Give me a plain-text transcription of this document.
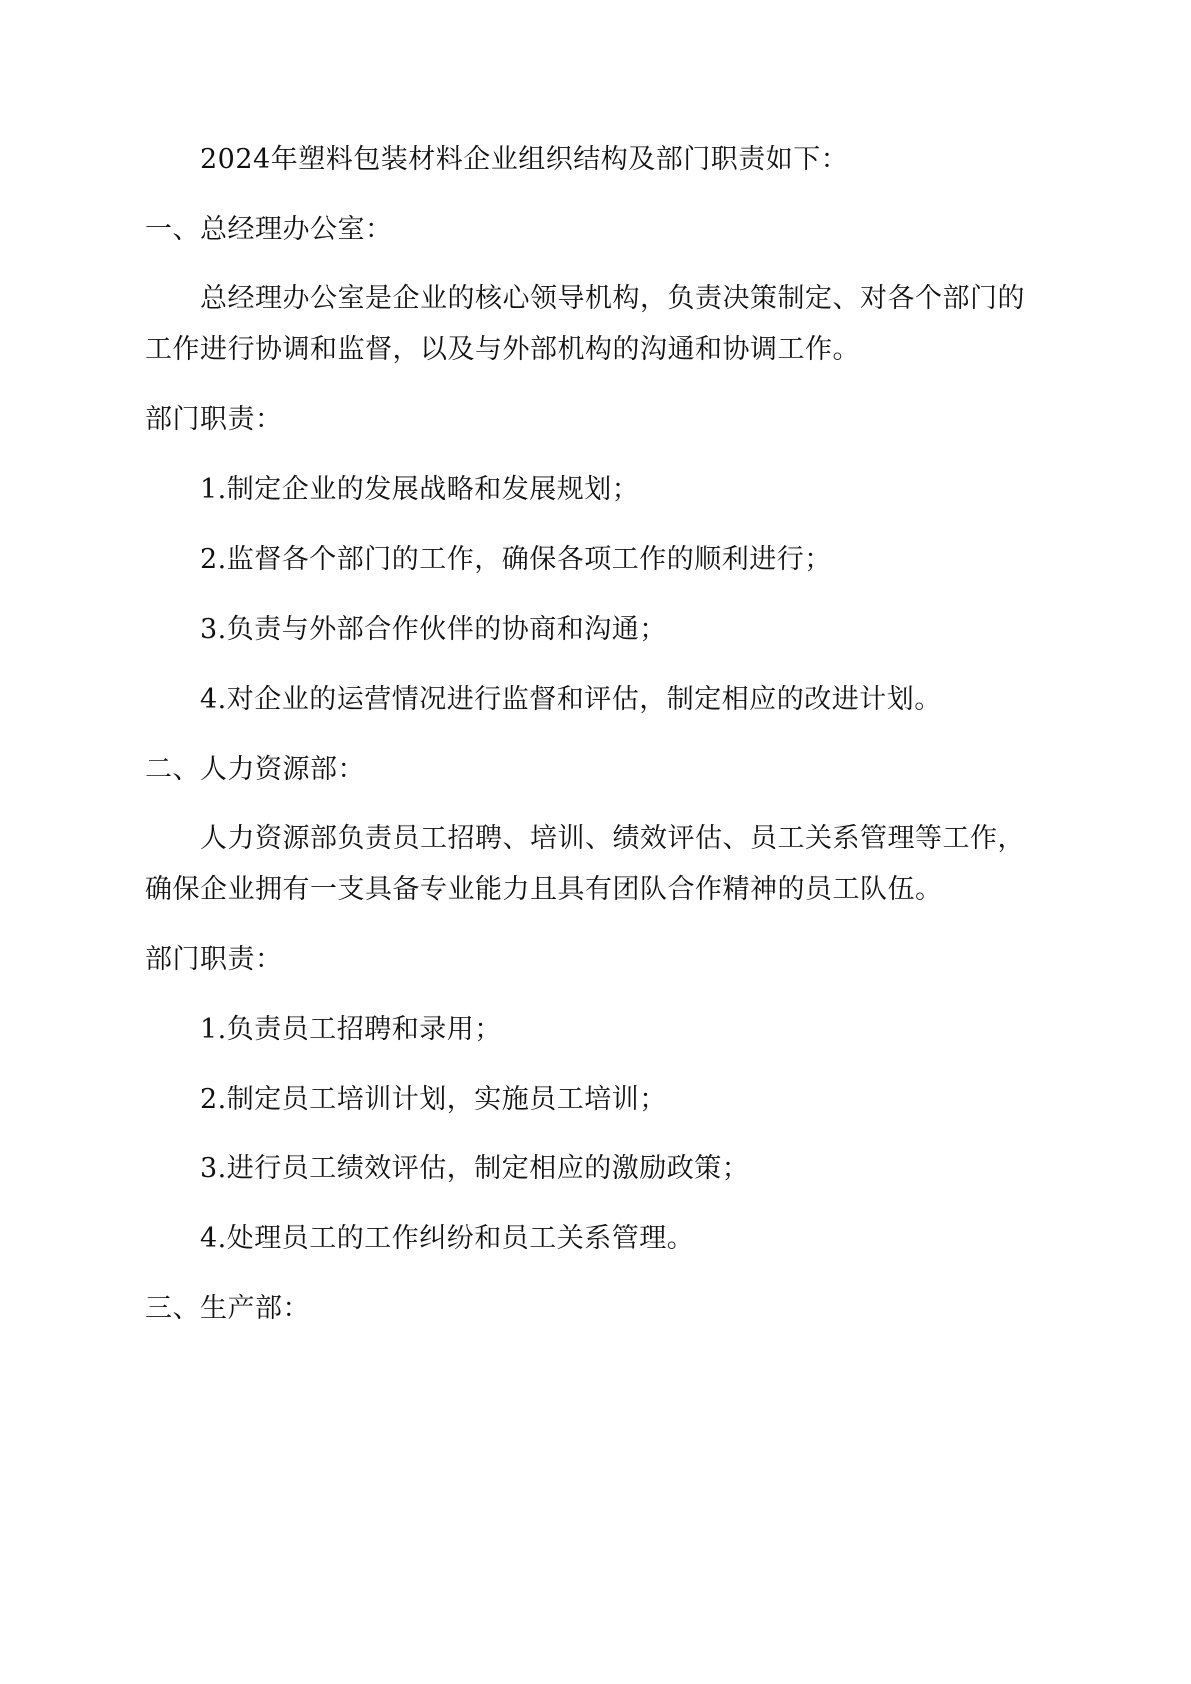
2024年塑料包装材料企业组织结构及部门职责如下：
一、总经理办公室：
总经理办公室是企业的核心领导机构，负责决策制定、对各个部门的
工作进行协调和监督，以及与外部机构的沟通和协调工作。
部门职责：
1.制定企业的发展战略和发展规划；
2.监督各个部门的工作，确保各项工作的顺利进行；
3.负责与外部合作伙伴的协商和沟通；
4.对企业的运营情况进行监督和评估，制定相应的改进计划。
二、人力资源部：
人力资源部负责员工招聘、培训、绩效评估、员工关系管理等工作，
确保企业拥有一支具备专业能力且具有团队合作精神的员工队伍。
部门职责：
1.负责员工招聘和录用；
2.制定员工培训计划，实施员工培训；
3.进行员工绩效评估，制定相应的激励政策；
4.处理员工的工作纠纷和员工关系管理。
三、生产部：
